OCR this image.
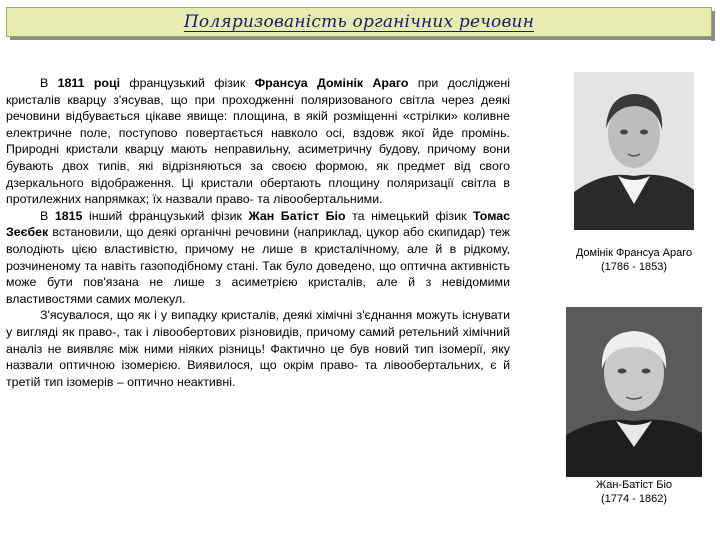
Поляризованість органічних речовин

В 1811 році французький фізик Франсуа Домінік Араго при досліджені кристалів кварцу з'ясував, що при проходженні поляризованого світла через деякі речовини відбувається цікаве явище: площина, в якій розміщенні «стрілки» коливне електричне поле, поступово повертається навколо осі, вздовж якої йде промінь. Природні кристали кварцу мають неправильну, асиметричну будову, причому вони бувають двох типів, які відрізняються за своєю формою, як предмет від свого дзеркального відображення. Ці кристали обертають площину поляризації світла в протилежних напрямках; їх назвали право- та лівообертальними.

В 1815 інший французький фізик Жан Батіст Біо та німецький фізик Томас Зеєбек встановили, що деякі органічні речовини (наприклад, цукор або скипидар) теж володіють цією властивістю, причому не лише в кристалічному, але й в рідкому, розчиненому та навіть газоподібному стані. Так було доведено, що оптична активність може бути пов'язана не лише з асиметрією кристалів, але й з невідомими властивостями самих молекул.

З'ясувалося, що як і у випадку кристалів, деякі хімічні з'єднання можуть існувати у вигляді як право-, так і лівообертових різновидів, причому самий ретельний хімічний аналіз не виявляє між ними ніяких різниць! Фактично це був новий тип ізомерії, яку назвали оптичною ізомерією. Виявилося, що окрім право- та лівообертальних, є й третій тип ізомерів – оптично неактивні.

Домінік Франсуа Араго
(1786 - 1853)
Жан-Батіст Біо
(1774 - 1862)
